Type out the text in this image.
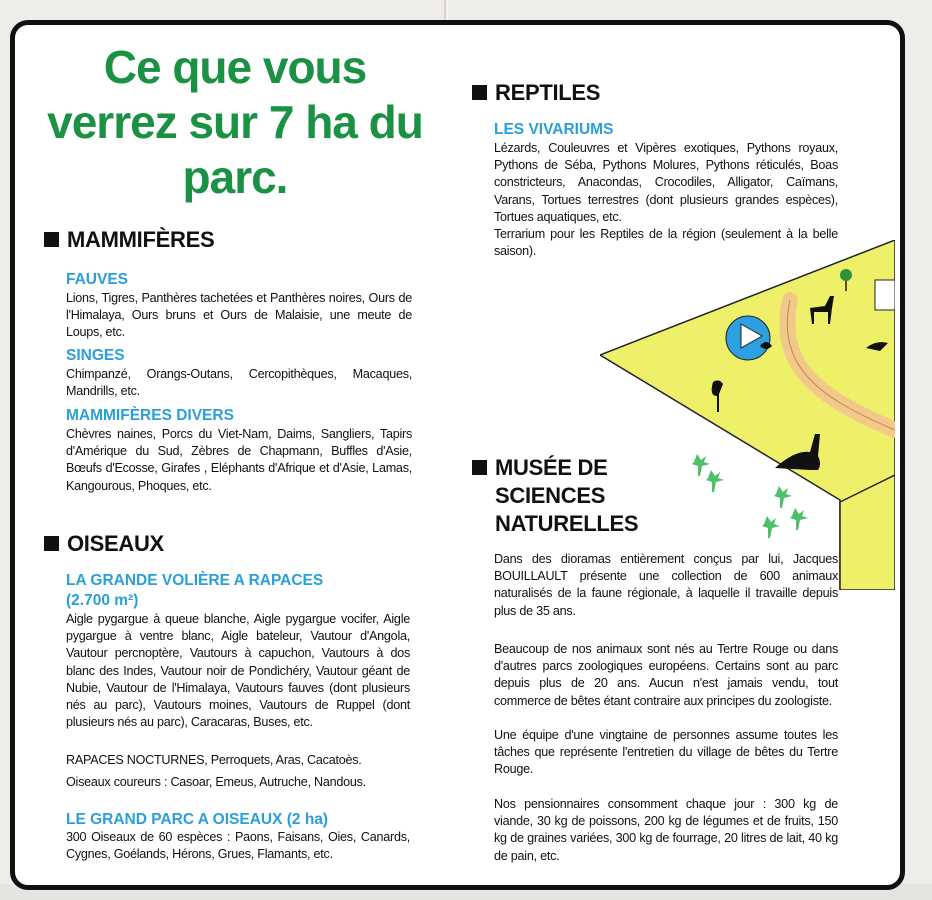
Ce que vous verrez sur 7 ha du parc.
MAMMIFÈRES
FAUVES

Lions, Tigres, Panthères tachetées et Panthères noires, Ours de l'Himalaya, Ours bruns et Ours de Malaisie, une meute de Loups, etc.

SINGES

Chimpanzé, Orangs-Outans, Cercopithèques, Macaques, Mandrills, etc.

MAMMIFÈRES DIVERS

Chèvres naines, Porcs du Viet-Nam, Daims, Sangliers, Tapirs d'Amérique du Sud, Zèbres de Chapmann, Buffles d'Asie, Bœufs d'Ecosse, Girafes , Eléphants d'Afrique et d'Asie, Lamas, Kangourous, Phoques, etc.

OISEAUX
LA GRANDE VOLIÈRE A RAPACES
(2.700 m²)

Aigle pygargue à queue blanche, Aigle pygargue vocifer, Aigle pygargue à ventre blanc, Aigle bateleur, Vautour d'Angola, Vautour percnoptère, Vautours à capuchon, Vautours à dos blanc des Indes, Vautour noir de Pondichéry, Vautour géant de Nubie, Vautour de l'Himalaya, Vautours fauves (dont plusieurs nés au parc), Vautours moines, Vautours de Ruppel (dont plusieurs nés au parc), Caracaras, Buses, etc.

RAPACES NOCTURNES, Perroquets, Aras, Cacatoès.

Oiseaux coureurs : Casoar, Emeus, Autruche, Nandous.

LE GRAND PARC A OISEAUX (2 ha)

300 Oiseaux de 60 espèces : Paons, Faisans, Oies, Canards, Cygnes, Goélands, Hérons, Grues, Flamants, etc.

REPTILES
LES VIVARIUMS

Lézards, Couleuvres et Vipères exotiques, Pythons royaux, Pythons de Séba, Pythons Molures, Pythons réticulés, Boas constricteurs, Anacondas, Crocodiles, Alligator, Caïmans, Varans, Tortues terrestres (dont plusieurs grandes espèces), Tortues aquatiques, etc.

Terrarium pour les Reptiles de la région (seulement à la belle saison).

MUSÉE DE
SCIENCES
NATURELLES

Dans des dioramas entièrement conçus par lui, Jacques BOUILLAULT présente une collection de 600 animaux naturalisés de la faune régionale, à laquelle il travaille depuis plus de 35 ans.

Beaucoup de nos animaux sont nés au Tertre Rouge ou dans d'autres parcs zoologiques européens. Certains sont au parc depuis plus de 20 ans. Aucun n'est jamais vendu, tout commerce de bêtes étant contraire aux principes du zoologiste.

Une équipe d'une vingtaine de personnes assume toutes les tâches que représente l'entretien du village de bêtes du Tertre Rouge.

Nos pensionnaires consomment chaque jour : 300 kg de viande, 30 kg de poissons, 200 kg de légumes et de fruits, 150 kg de graines variées, 300 kg de fourrage, 20 litres de lait, 40 kg de pain, etc.
